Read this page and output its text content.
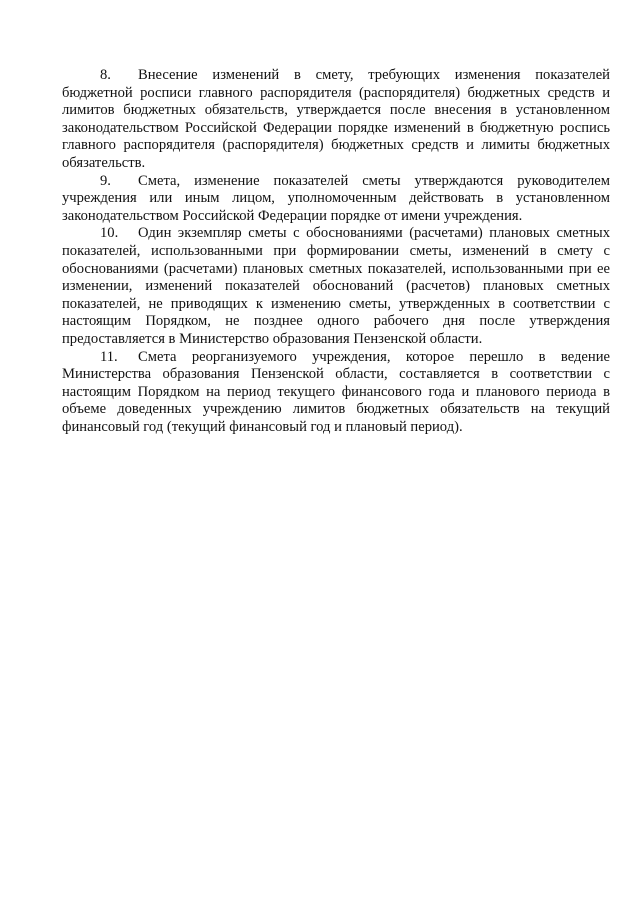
8. Внесение изменений в смету, требующих изменения показателей бюджетной росписи главного распорядителя (распорядителя) бюджетных средств и лимитов бюджетных обязательств, утверждается после внесения в установленном законодательством Российской Федерации порядке изменений в бюджетную роспись главного распорядителя (распорядителя) бюджетных средств и лимиты бюджетных обязательств.

9. Смета, изменение показателей сметы утверждаются руководителем учреждения или иным лицом, уполномоченным действовать в установленном законодательством Российской Федерации порядке от имени учреждения.

10. Один экземпляр сметы с обоснованиями (расчетами) плановых сметных показателей, использованными при формировании сметы, изменений в смету с обоснованиями (расчетами) плановых сметных показателей, использованными при ее изменении, изменений показателей обоснований (расчетов) плановых сметных показателей, не приводящих к изменению сметы, утвержденных в соответствии с настоящим Порядком, не позднее одного рабочего дня после утверждения предоставляется в Министерство образования Пензенской области.

11. Смета реорганизуемого учреждения, которое перешло в ведение Министерства образования Пензенской области, составляется в соответствии с настоящим Порядком на период текущего финансового года и планового периода в объеме доведенных учреждению лимитов бюджетных обязательств на текущий финансовый год (текущий финансовый год и плановый период).
